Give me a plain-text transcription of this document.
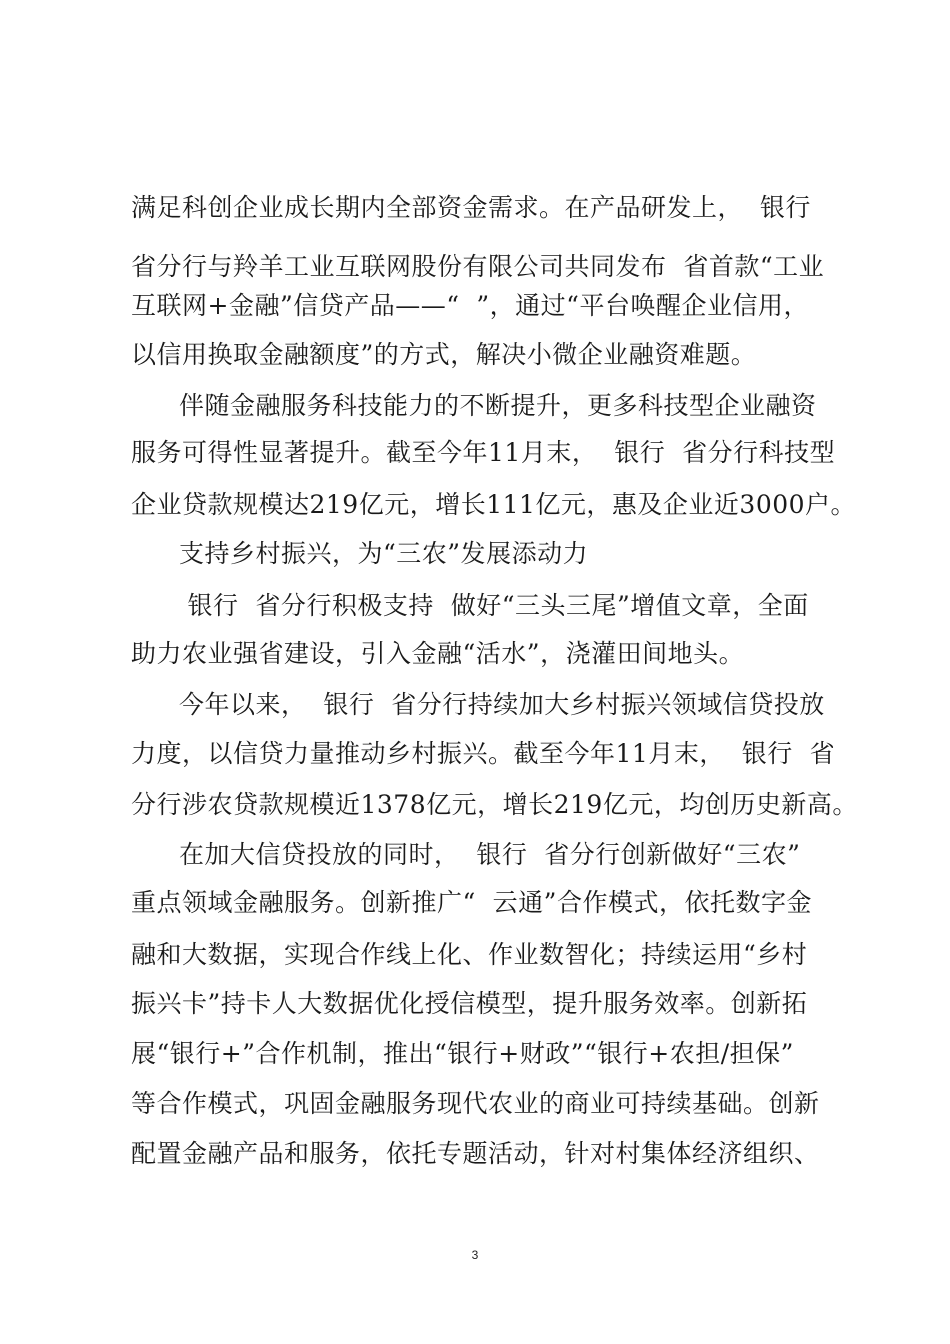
满足科创企业成长期内全部资金需求。在产品研发上，  银行
省分行与羚羊工业互联网股份有限公司共同发布  省首款“工业
互联网+金融”信贷产品——“  ”，通过“平台唤醒企业信用，
以信用换取金融额度”的方式，解决小微企业融资难题。
伴随金融服务科技能力的不断提升，更多科技型企业融资
服务可得性显著提升。截至今年11月末，  银行  省分行科技型
企业贷款规模达219亿元，增长111亿元，惠及企业近3000户。
支持乡村振兴，为“三农”发展添动力
银行  省分行积极支持  做好“三头三尾”增值文章，全面
助力农业强省建设，引入金融“活水”，浇灌田间地头。
今年以来，  银行  省分行持续加大乡村振兴领域信贷投放
力度，以信贷力量推动乡村振兴。截至今年11月末，  银行  省
分行涉农贷款规模近1378亿元，增长219亿元，均创历史新高。
在加大信贷投放的同时，  银行  省分行创新做好“三农”
重点领域金融服务。创新推广“  云通”合作模式，依托数字金
融和大数据，实现合作线上化、作业数智化；持续运用“乡村
振兴卡”持卡人大数据优化授信模型，提升服务效率。创新拓
展“银行+”合作机制，推出“银行+财政”“银行+农担/担保”
等合作模式，巩固金融服务现代农业的商业可持续基础。创新
配置金融产品和服务，依托专题活动，针对村集体经济组织、
3
